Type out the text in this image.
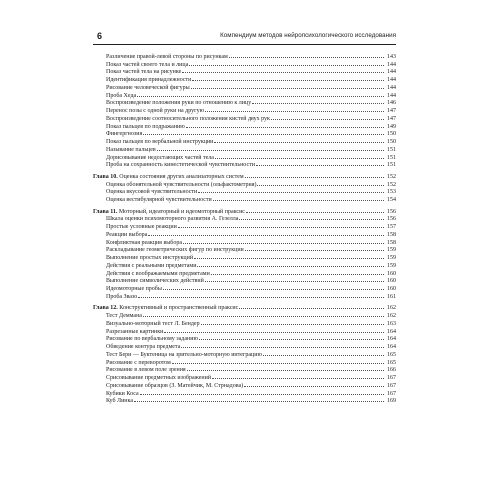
6	Компендиум методов нейропсихологического исследования
Различение правой-левой стороны по рисункам	143
Показ частей своего тела и лица	144
Показ частей тела на рисунке	144
Идентификация принадлежности	144
Рисование человеческой фигуры	144
Проба Хеда	144
Воспроизведение положения руки по отношению к лицу	146
Перенос позы с одной руки на другую	147
Воспроизведение соотносительного положения кистей двух рук	147
Показ пальцев по подражанию	149
Фингергнозия	150
Показ пальцев по вербальной инструкции	150
Называние пальцев	151
Дорисовывание недостающих частей тела	151
Проба на сохранность кинестетической чувствительности	151
Глава 10. Оценка состояния других анализаторных систем	152
Оценка обонятельной чувствительности (ольфактометрия)	152
Оценка вкусовой чувствительности	153
Оценка вестибулярной чувствительности	154
Глава 11. Моторный, идеаторный и идеомоторный праксис	156
Шкала оценки психомоторного развития А. Гезелла	156
Простые условные реакции	157
Реакции выбора	158
Конфликтная реакция выбора	158
Раскладывание геометрических фигур по инструкции	159
Выполнение простых инструкций	159
Действия с реальными предметами	159
Действия с воображаемыми предметами	160
Выполнение символических действий	160
Идеомоторные пробы	160
Проба Звазо	161
Глава 12. Конструктивный и пространственный праксис	162
Тест Деммана	162
Визуально-моторный тест Л. Бендер	163
Разрезанные картинки	164
Рисование по вербальному заданию	164
Обведение контура предмета	164
Тест Бери — Буктеница на зрительно-моторную интеграцию	165
Рисование с переворотом	165
Рисование в левом поле зрения	166
Срисовывание предметных изображений	167
Срисовывание образцов (З. Матейчик, М. Стрнадова)	167
Кубики Коса	167
Куб Линка	169
